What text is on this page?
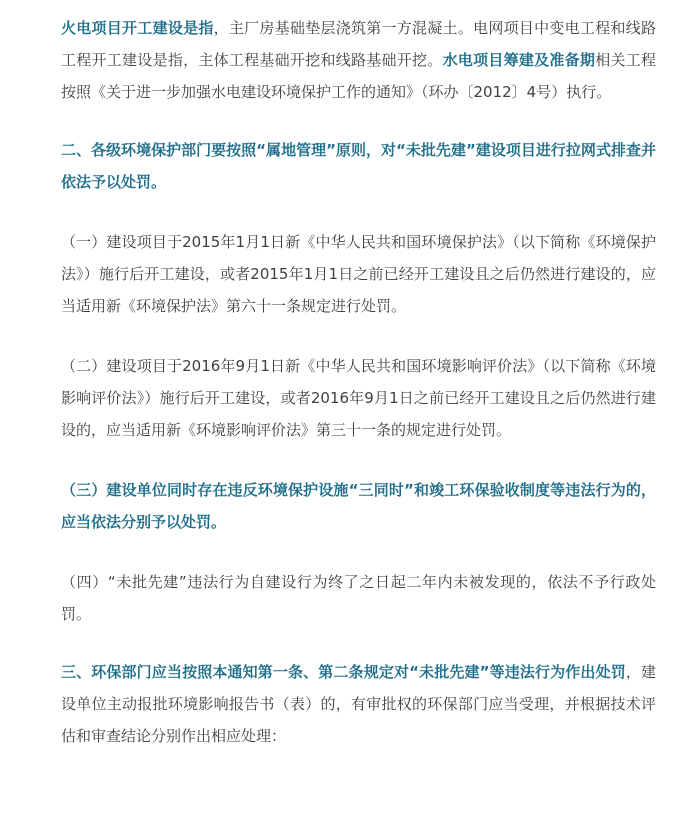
火电项目开工建设是指，主厂房基础垫层浇筑第一方混凝土。电网项目中变电工程和线路工程开工建设是指，主体工程基础开挖和线路基础开挖。水电项目筹建及准备期相关工程按照《关于进一步加强水电建设环境保护工作的通知》（环办〔2012〕4号）执行。

二、各级环境保护部门要按照“属地管理”原则，对“未批先建”建设项目进行拉网式排查并依法予以处罚。

（一）建设项目于2015年1月1日新《中华人民共和国环境保护法》（以下简称《环境保护法》）施行后开工建设，或者2015年1月1日之前已经开工建设且之后仍然进行建设的，应当适用新《环境保护法》第六十一条规定进行处罚。

（二）建设项目于2016年9月1日新《中华人民共和国环境影响评价法》（以下简称《环境影响评价法》）施行后开工建设，或者2016年9月1日之前已经开工建设且之后仍然进行建设的，应当适用新《环境影响评价法》第三十一条的规定进行处罚。

（三）建设单位同时存在违反环境保护设施“三同时”和竣工环保验收制度等违法行为的，应当依法分别予以处罚。

（四）“未批先建”违法行为自建设行为终了之日起二年内未被发现的，依法不予行政处罚。

三、环保部门应当按照本通知第一条、第二条规定对“未批先建”等违法行为作出处罚，建设单位主动报批环境影响报告书（表）的，有审批权的环保部门应当受理，并根据技术评估和审查结论分别作出相应处理：
